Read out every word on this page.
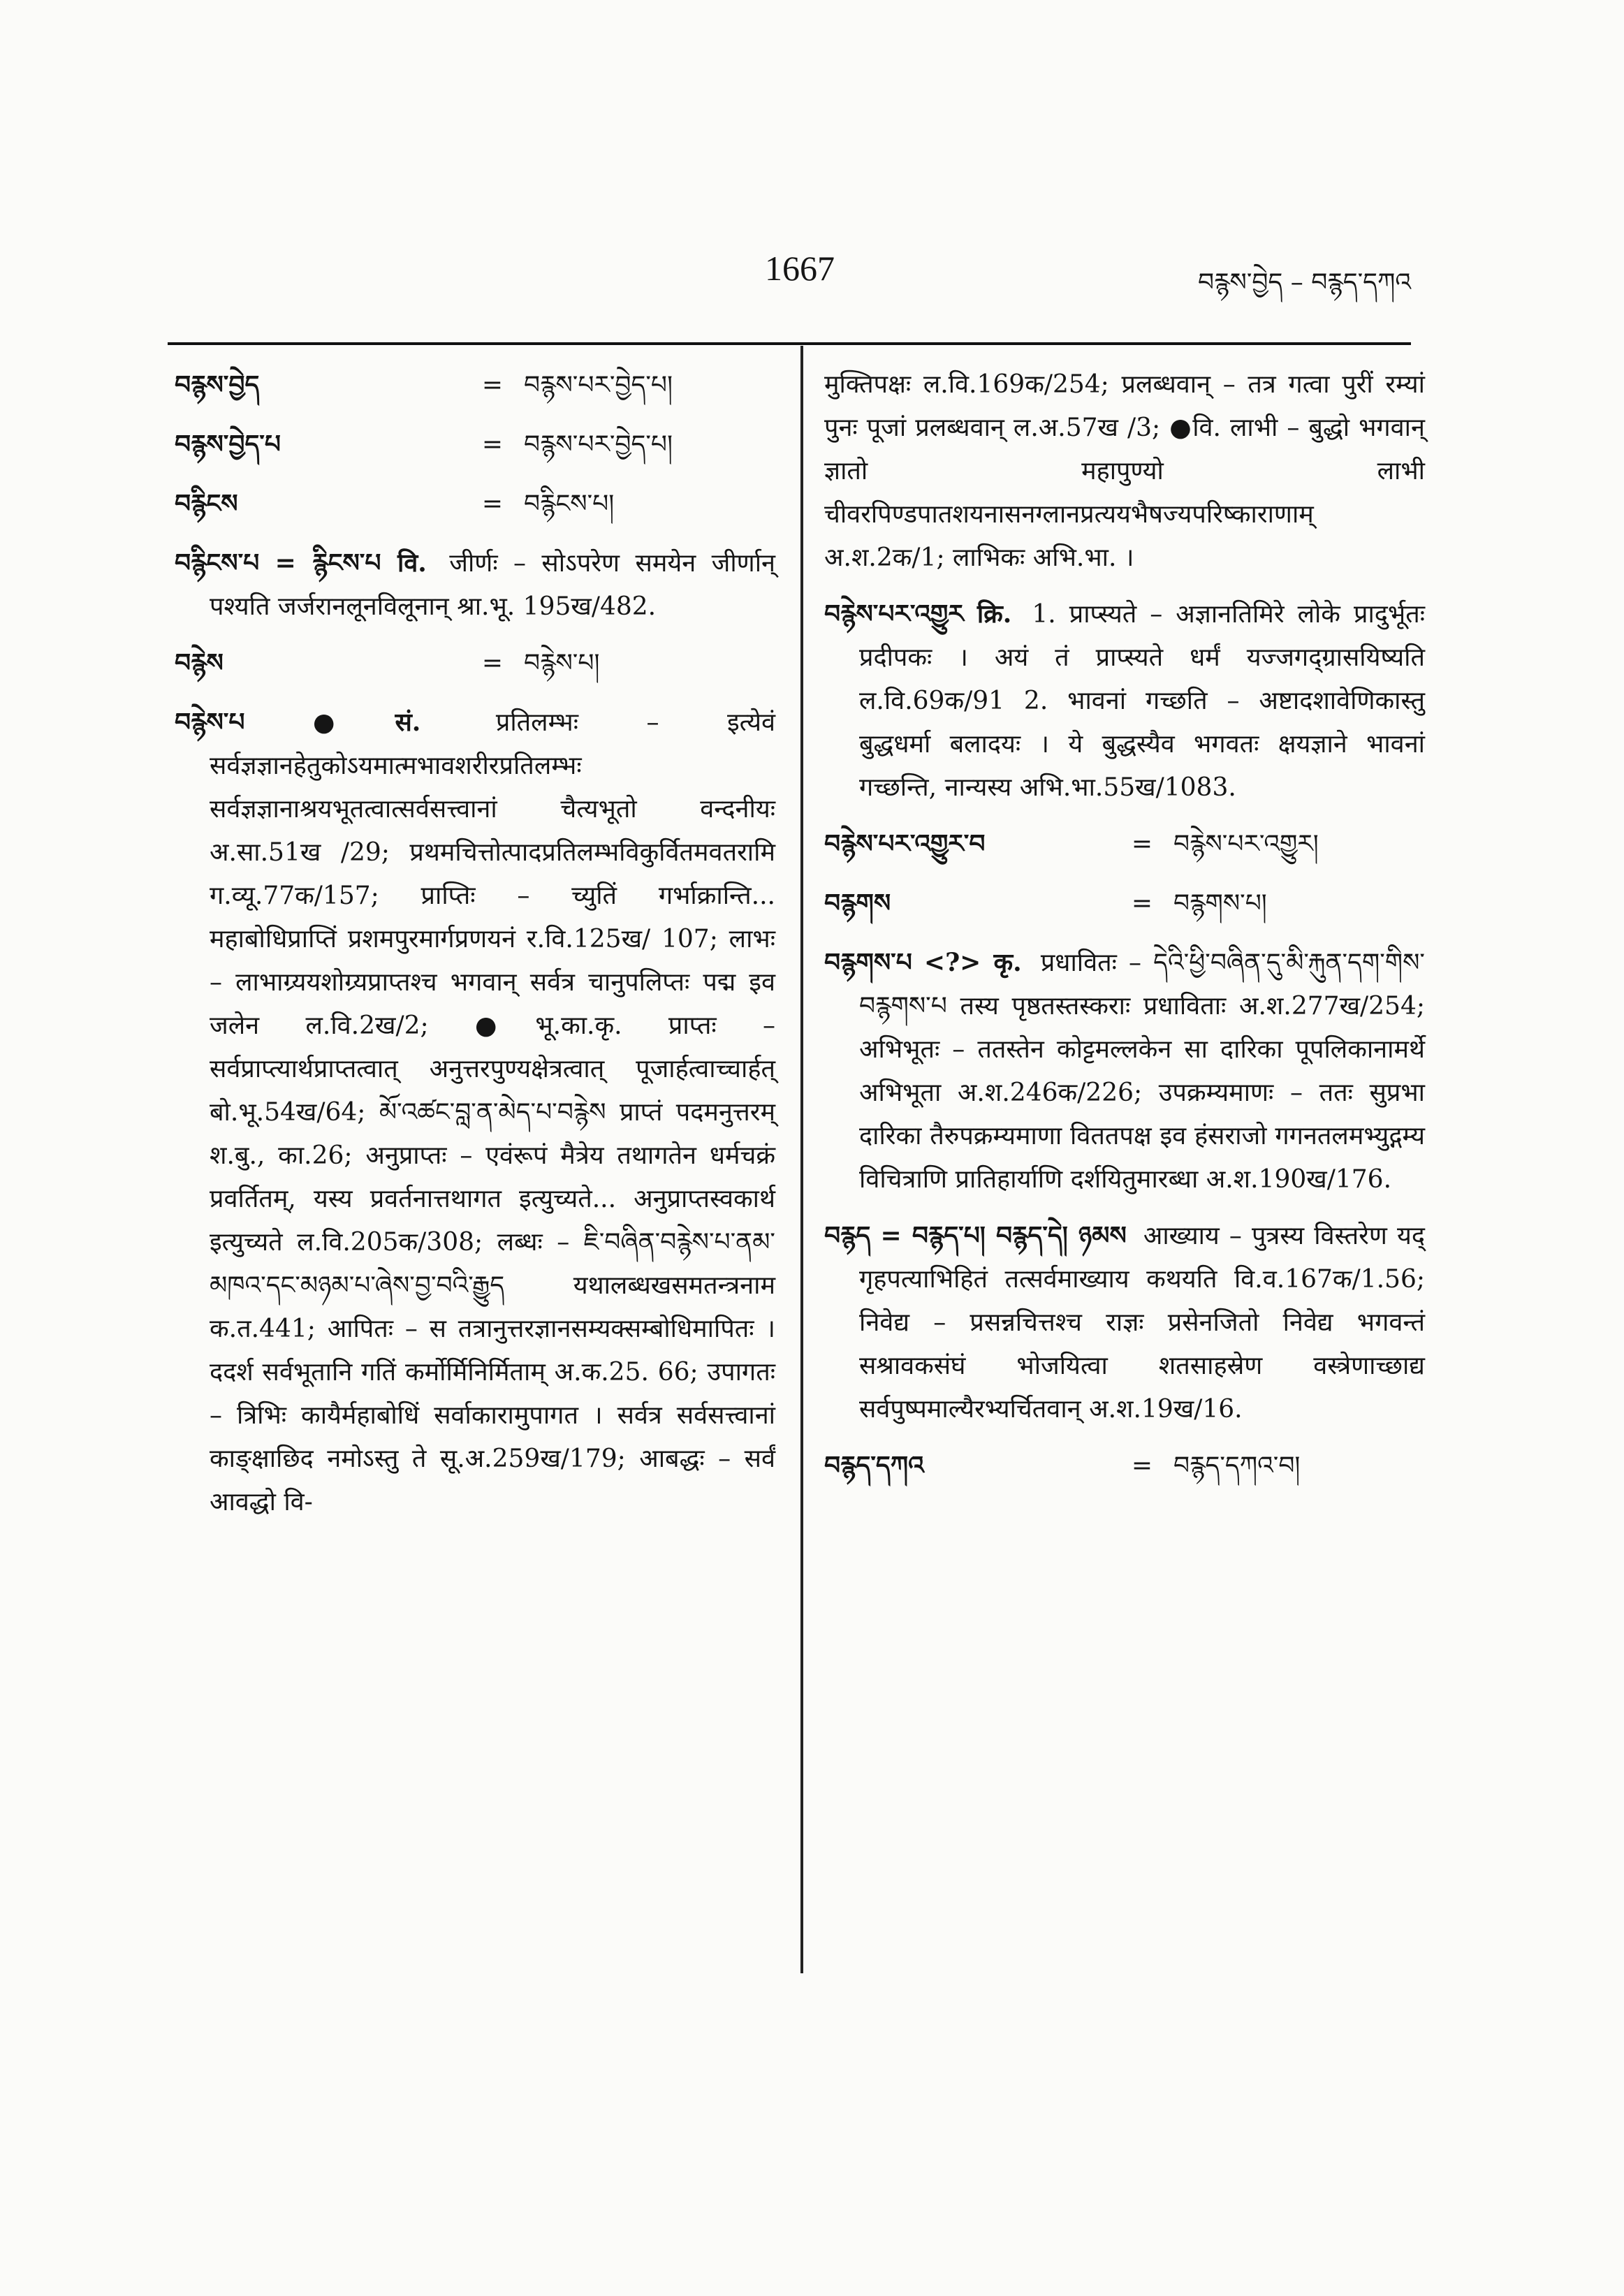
1667	བརྙས་བྱེད – བརྙད་དཀའ
བརྙས་བྱེད	= བརྙས་པར་བྱེད་པ།
བརྙས་བྱེད་པ	= བརྙས་པར་བྱེད་པ།
བརྙིངས	= བརྙིངས་པ།
བརྙིངས་པ = རྙིངས་པ वि. जीर्णः – सोऽपरेण समयेन जीर्णान् पश्यति जर्जरानलूनविलूनान् श्रा.भू. 195ख/482.
བརྙེས	= བརྙེས་པ།
བརྙེས་པ	●सं.	प्रतिलम्भः – इत्येवं सर्वज्ञज्ञानहेतुकोऽयमात्मभावशरीरप्रतिलम्भः सर्वज्ञज्ञानाश्रयभूतत्वात्सर्वसत्त्वानां चैत्यभूतो वन्दनीयः अ.सा.51ख /29; प्रथमचित्तोत्पादप्रतिलम्भविकुर्वितमवतरामि ग.व्यू.77क/157; प्राप्तिः – च्युतिं गर्भाक्रान्ति... महाबोधिप्राप्तिं प्रशमपुरमार्गप्रणयनं र.वि.125ख/ 107; लाभः – लाभाग्र्ययशोग्र्यप्राप्तश्च भगवान् सर्वत्र चानुपलिप्तः पद्म इव जलेन ल.वि.2ख/2; ●भू.का.कृ. प्राप्तः – सर्वप्राप्त्यार्थप्राप्तत्वात् अनुत्तरपुण्यक्षेत्रत्वात् पूजार्हत्वाच्चार्हत् बो.भू.54ख/64; མོ་འཚང་བླ་ན་མེད་པ་བརྙེས प्राप्तं पदमनुत्तरम् श.बु., का.26; अनुप्राप्तः – एवंरूपं मैत्रेय तथागतेन धर्मचक्रं प्रवर्तितम्, यस्य प्रवर्तनात्तथागत इत्युच्यते... अनुप्राप्तस्वकार्थ इत्युच्यते ल.वि.205क/308; लब्धः – ཇི་བཞིན་བརྙེས་པ་ནམ་མཁའ་དང་མཉམ་པ་ཞེས་བྱ་བའི་རྒྱུད यथालब्धखसमतन्त्रनाम क.त.441; आपितः – स तत्रानुत्तरज्ञानसम्यक्सम्बोधिमापितः । ददर्श सर्वभूतानि गतिं कर्मोर्मिनिर्मिताम् अ.क.25. 66; उपागतः – त्रिभिः कायैर्महाबोधिं सर्वाकारामुपागत । सर्वत्र सर्वसत्त्वानां काङ्क्षाछिद नमोऽस्तु ते सू.अ.259ख/179; आबद्धः – सर्वं आवद्धो वि-
मुक्तिपक्षः ल.वि.169क/254; प्रलब्धवान् – तत्र गत्वा पुरीं रम्यां पुनः पूजां प्रलब्धवान् ल.अ.57ख /3; ●वि. लाभी – बुद्धो भगवान् ज्ञातो महापुण्यो लाभी चीवरपिण्डपातशयनासनग्लानप्रत्ययभैषज्यपरिष्काराणाम् अ.श.2क/1; लाभिकः अभि.भा. ।
བརྙེས་པར་འགྱུར क्रि. 1. प्राप्स्यते – अज्ञानतिमिरे लोके प्रादुर्भूतः प्रदीपकः । अयं तं प्राप्स्यते धर्मं यज्जगद्ग्रासयिष्यति ल.वि.69क/91 2. भावनां गच्छति – अष्टादशावेणिकास्तु बुद्धधर्मा बलादयः । ये बुद्धस्यैव भगवतः क्षयज्ञाने भावनां गच्छन्ति, नान्यस्य अभि.भा.55ख/1083.
བརྙེས་པར་འགྱུར་བ	= བརྙེས་པར་འགྱུར།
བརྙགས	= བརྙགས་པ།
བརྙགས་པ <?> कृ. प्रधावितः – དེའི་ཕྱི་བཞིན་དུ་མི་རྐུན་དག་གིས་བརྙགས་པ तस्य पृष्ठतस्तस्कराः प्रधाविताः अ.श.277ख/254; अभिभूतः – ततस्तेन कोट्टमल्लकेन सा दारिका पूपलिकानामर्थे अभिभूता अ.श.246क/226; उपक्रम्यमाणः – ततः सुप्रभा दारिका तैरुपक्रम्यमाणा विततपक्ष इव हंसराजो गगनतलमभ्युद्गम्य विचित्राणि प्रातिहार्याणि दर्शयितुमारब्धा अ.श.190ख/176.
བརྙད = བརྙད་པ། བརྙད་དེ། ཉམས आख्याय – पुत्रस्य विस्तरेण यद् गृहपत्याभिहितं तत्सर्वमाख्याय कथयति वि.व.167क/1.56; निवेद्य – प्रसन्नचित्तश्च राज्ञः प्रसेनजितो निवेद्य भगवन्तं सश्रावकसंघं भोजयित्वा शतसाहस्रेण वस्त्रेणाच्छाद्य सर्वपुष्पमाल्यैरभ्यर्चितवान् अ.श.19ख/16.
བརྙད་དཀའ	= བརྙད་དཀའ་བ།
